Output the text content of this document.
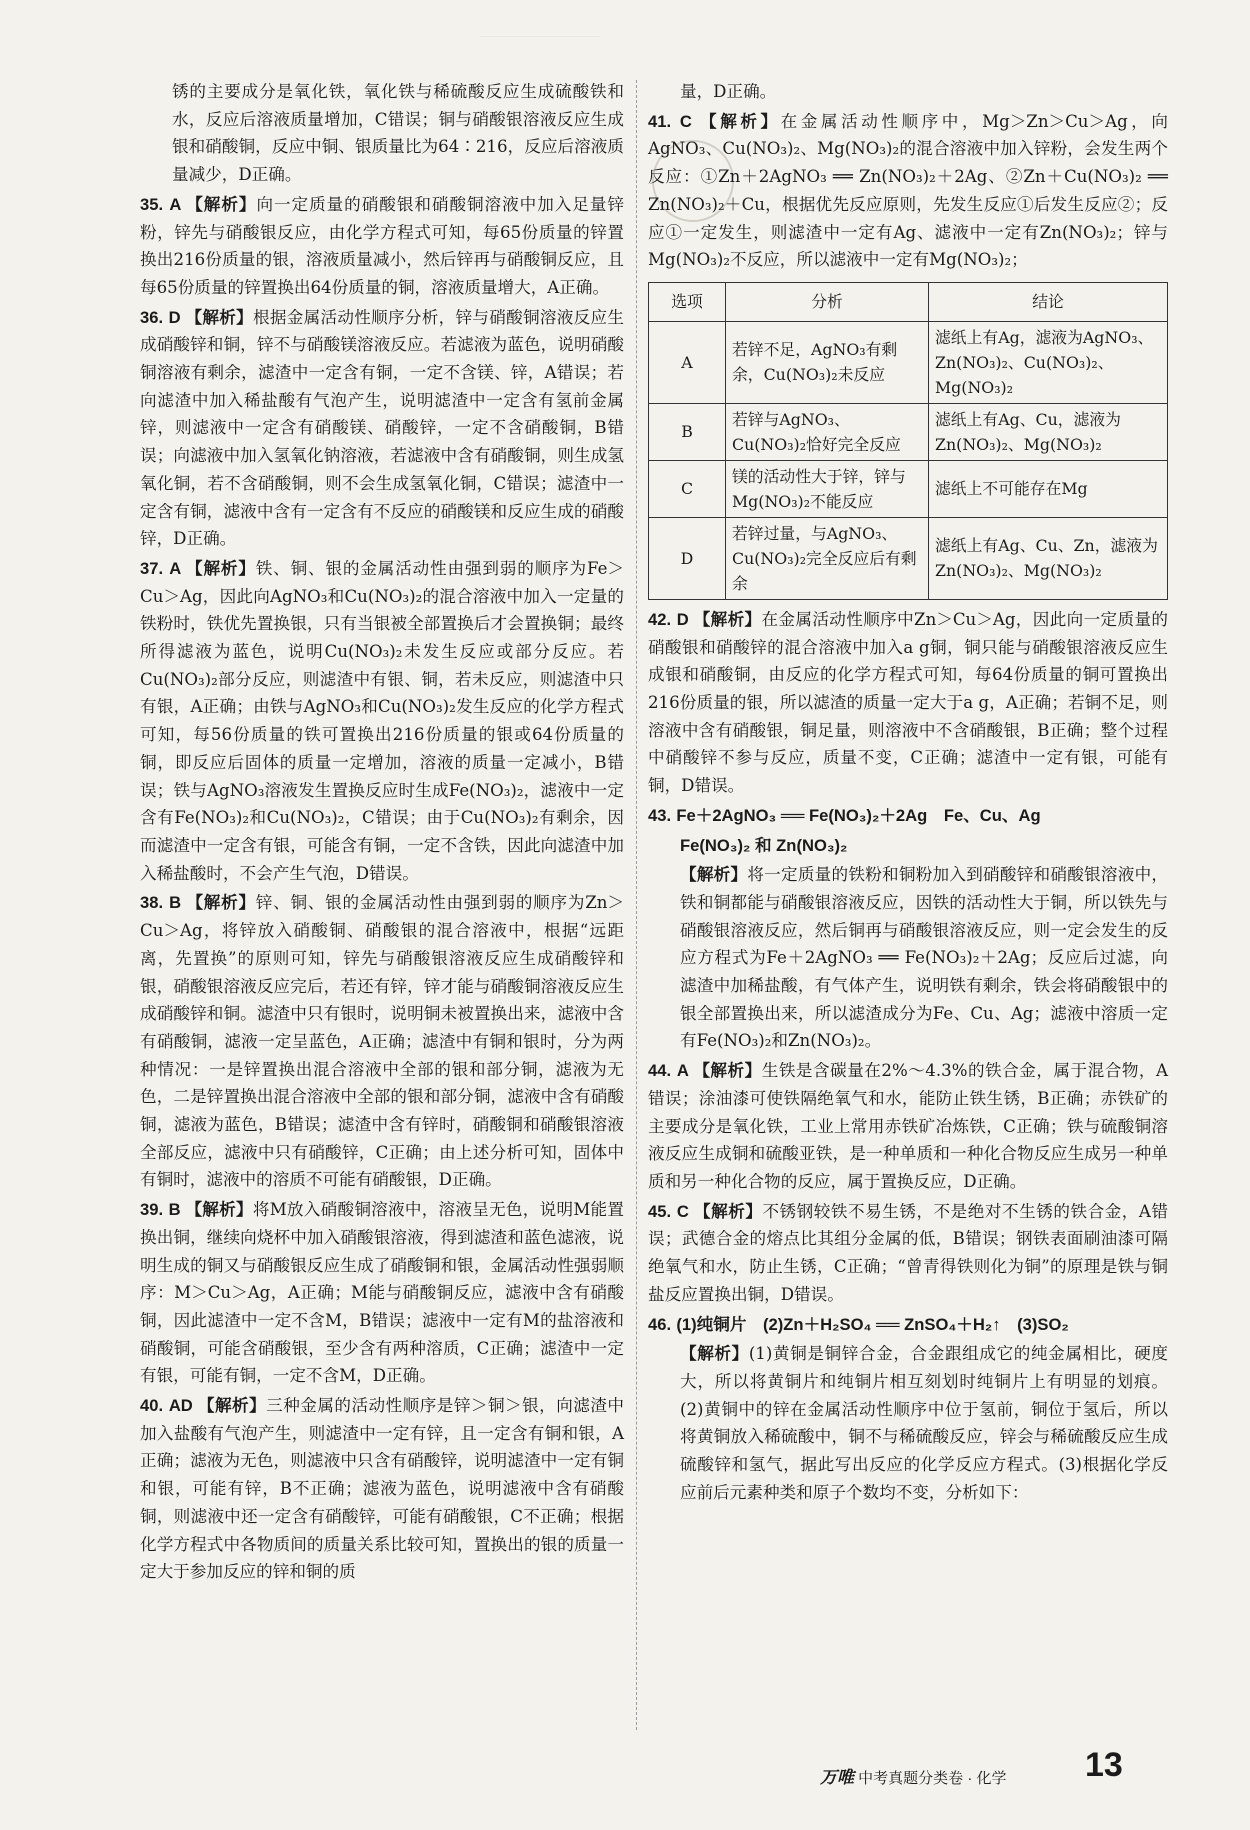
锈的主要成分是氧化铁，氧化铁与稀硫酸反应生成硫酸铁和水，反应后溶液质量增加，C错误；铜与硝酸银溶液反应生成银和硝酸铜，反应中铜、银质量比为64∶216，反应后溶液质量减少，D正确。

35. A 【解析】向一定质量的硝酸银和硝酸铜溶液中加入足量锌粉，锌先与硝酸银反应，由化学方程式可知，每65份质量的锌置换出216份质量的银，溶液质量减小，然后锌再与硝酸铜反应，且每65份质量的锌置换出64份质量的铜，溶液质量增大，A正确。

36. D 【解析】根据金属活动性顺序分析，锌与硝酸铜溶液反应生成硝酸锌和铜，锌不与硝酸镁溶液反应。若滤液为蓝色，说明硝酸铜溶液有剩余，滤渣中一定含有铜，一定不含镁、锌，A错误；若向滤渣中加入稀盐酸有气泡产生，说明滤渣中一定含有氢前金属锌，则滤液中一定含有硝酸镁、硝酸锌，一定不含硝酸铜，B错误；向滤液中加入氢氧化钠溶液，若滤液中含有硝酸铜，则生成氢氧化铜，若不含硝酸铜，则不会生成氢氧化铜，C错误；滤渣中一定含有铜，滤液中含有一定含有不反应的硝酸镁和反应生成的硝酸锌，D正确。

37. A 【解析】铁、铜、银的金属活动性由强到弱的顺序为Fe＞Cu＞Ag，因此向AgNO₃和Cu(NO₃)₂的混合溶液中加入一定量的铁粉时，铁优先置换银，只有当银被全部置换后才会置换铜；最终所得滤液为蓝色，说明Cu(NO₃)₂未发生反应或部分反应。若Cu(NO₃)₂部分反应，则滤渣中有银、铜，若未反应，则滤渣中只有银，A正确；由铁与AgNO₃和Cu(NO₃)₂发生反应的化学方程式可知，每56份质量的铁可置换出216份质量的银或64份质量的铜，即反应后固体的质量一定增加，溶液的质量一定减小，B错误；铁与AgNO₃溶液发生置换反应时生成Fe(NO₃)₂，滤液中一定含有Fe(NO₃)₂和Cu(NO₃)₂，C错误；由于Cu(NO₃)₂有剩余，因而滤渣中一定含有银，可能含有铜，一定不含铁，因此向滤渣中加入稀盐酸时，不会产生气泡，D错误。

38. B 【解析】锌、铜、银的金属活动性由强到弱的顺序为Zn＞Cu＞Ag，将锌放入硝酸铜、硝酸银的混合溶液中，根据“远距离，先置换”的原则可知，锌先与硝酸银溶液反应生成硝酸锌和银，硝酸银溶液反应完后，若还有锌，锌才能与硝酸铜溶液反应生成硝酸锌和铜。滤渣中只有银时，说明铜未被置换出来，滤液中含有硝酸铜，滤液一定呈蓝色，A正确；滤渣中有铜和银时，分为两种情况：一是锌置换出混合溶液中全部的银和部分铜，滤液为无色，二是锌置换出混合溶液中全部的银和部分铜，滤液中含有硝酸铜，滤液为蓝色，B错误；滤渣中含有锌时，硝酸铜和硝酸银溶液全部反应，滤液中只有硝酸锌，C正确；由上述分析可知，固体中有铜时，滤液中的溶质不可能有硝酸银，D正确。

39. B 【解析】将M放入硝酸铜溶液中，溶液呈无色，说明M能置换出铜，继续向烧杯中加入硝酸银溶液，得到滤渣和蓝色滤液，说明生成的铜又与硝酸银反应生成了硝酸铜和银，金属活动性强弱顺序：M＞Cu＞Ag，A正确；M能与硝酸铜反应，滤液中含有硝酸铜，因此滤渣中一定不含M，B错误；滤液中一定有M的盐溶液和硝酸铜，可能含硝酸银，至少含有两种溶质，C正确；滤渣中一定有银，可能有铜，一定不含M，D正确。

40. AD 【解析】三种金属的活动性顺序是锌＞铜＞银，向滤渣中加入盐酸有气泡产生，则滤渣中一定有锌，且一定含有铜和银，A正确；滤液为无色，则滤液中只含有硝酸锌，说明滤渣中一定有铜和银，可能有锌，B不正确；滤液为蓝色，说明滤液中含有硝酸铜，则滤液中还一定含有硝酸锌，可能有硝酸银，C不正确；根据化学方程式中各物质间的质量关系比较可知，置换出的银的质量一定大于参加反应的锌和铜的质

量，D正确。

41. C 【解析】在金属活动性顺序中，Mg＞Zn＞Cu＞Ag，向AgNO₃、Cu(NO₃)₂、Mg(NO₃)₂的混合溶液中加入锌粉，会发生两个反应：①Zn＋2AgNO₃ ══ Zn(NO₃)₂＋2Ag、②Zn＋Cu(NO₃)₂ ══ Zn(NO₃)₂＋Cu，根据优先反应原则，先发生反应①后发生反应②；反应①一定发生，则滤渣中一定有Ag、滤液中一定有Zn(NO₃)₂；锌与Mg(NO₃)₂不反应，所以滤液中一定有Mg(NO₃)₂；

选项	分析	结论
A	若锌不足，AgNO₃有剩余，Cu(NO₃)₂未反应	滤纸上有Ag，滤液为AgNO₃、Zn(NO₃)₂、Cu(NO₃)₂、Mg(NO₃)₂
B	若锌与AgNO₃、Cu(NO₃)₂恰好完全反应	滤纸上有Ag、Cu，滤液为Zn(NO₃)₂、Mg(NO₃)₂
C	镁的活动性大于锌，锌与Mg(NO₃)₂不能反应	滤纸上不可能存在Mg
D	若锌过量，与AgNO₃、Cu(NO₃)₂完全反应后有剩余	滤纸上有Ag、Cu、Zn，滤液为Zn(NO₃)₂、Mg(NO₃)₂

42. D 【解析】在金属活动性顺序中Zn＞Cu＞Ag，因此向一定质量的硝酸银和硝酸锌的混合溶液中加入a g铜，铜只能与硝酸银溶液反应生成银和硝酸铜，由反应的化学方程式可知，每64份质量的铜可置换出216份质量的银，所以滤渣的质量一定大于a g，A正确；若铜不足，则溶液中含有硝酸银，铜足量，则溶液中不含硝酸银，B正确；整个过程中硝酸锌不参与反应，质量不变，C正确；滤渣中一定有银，可能有铜，D错误。

43. Fe＋2AgNO₃ ══ Fe(NO₃)₂＋2Ag　Fe、Cu、Ag

Fe(NO₃)₂ 和 Zn(NO₃)₂

【解析】将一定质量的铁粉和铜粉加入到硝酸锌和硝酸银溶液中，铁和铜都能与硝酸银溶液反应，因铁的活动性大于铜，所以铁先与硝酸银溶液反应，然后铜再与硝酸银溶液反应，则一定会发生的反应方程式为Fe＋2AgNO₃ ══ Fe(NO₃)₂＋2Ag；反应后过滤，向滤渣中加稀盐酸，有气体产生，说明铁有剩余，铁会将硝酸银中的银全部置换出来，所以滤渣成分为Fe、Cu、Ag；滤液中溶质一定有Fe(NO₃)₂和Zn(NO₃)₂。

44. A 【解析】生铁是含碳量在2%～4.3%的铁合金，属于混合物，A错误；涂油漆可使铁隔绝氧气和水，能防止铁生锈，B正确；赤铁矿的主要成分是氧化铁，工业上常用赤铁矿冶炼铁，C正确；铁与硫酸铜溶液反应生成铜和硫酸亚铁，是一种单质和一种化合物反应生成另一种单质和另一种化合物的反应，属于置换反应，D正确。

45. C 【解析】不锈钢较铁不易生锈，不是绝对不生锈的铁合金，A错误；武德合金的熔点比其组分金属的低，B错误；钢铁表面刷油漆可隔绝氧气和水，防止生锈，C正确；“曾青得铁则化为铜”的原理是铁与铜盐反应置换出铜，D错误。

46. (1)纯铜片　(2)Zn＋H₂SO₄ ══ ZnSO₄＋H₂↑　(3)SO₂

【解析】(1)黄铜是铜锌合金，合金跟组成它的纯金属相比，硬度大，所以将黄铜片和纯铜片相互刻划时纯铜片上有明显的划痕。(2)黄铜中的锌在金属活动性顺序中位于氢前，铜位于氢后，所以将黄铜放入稀硫酸中，铜不与稀硫酸反应，锌会与稀硫酸反应生成硫酸锌和氢气，据此写出反应的化学反应方程式。(3)根据化学反应前后元素种类和原子个数均不变，分析如下：

万唯 中考真题分类卷 · 化学 13
